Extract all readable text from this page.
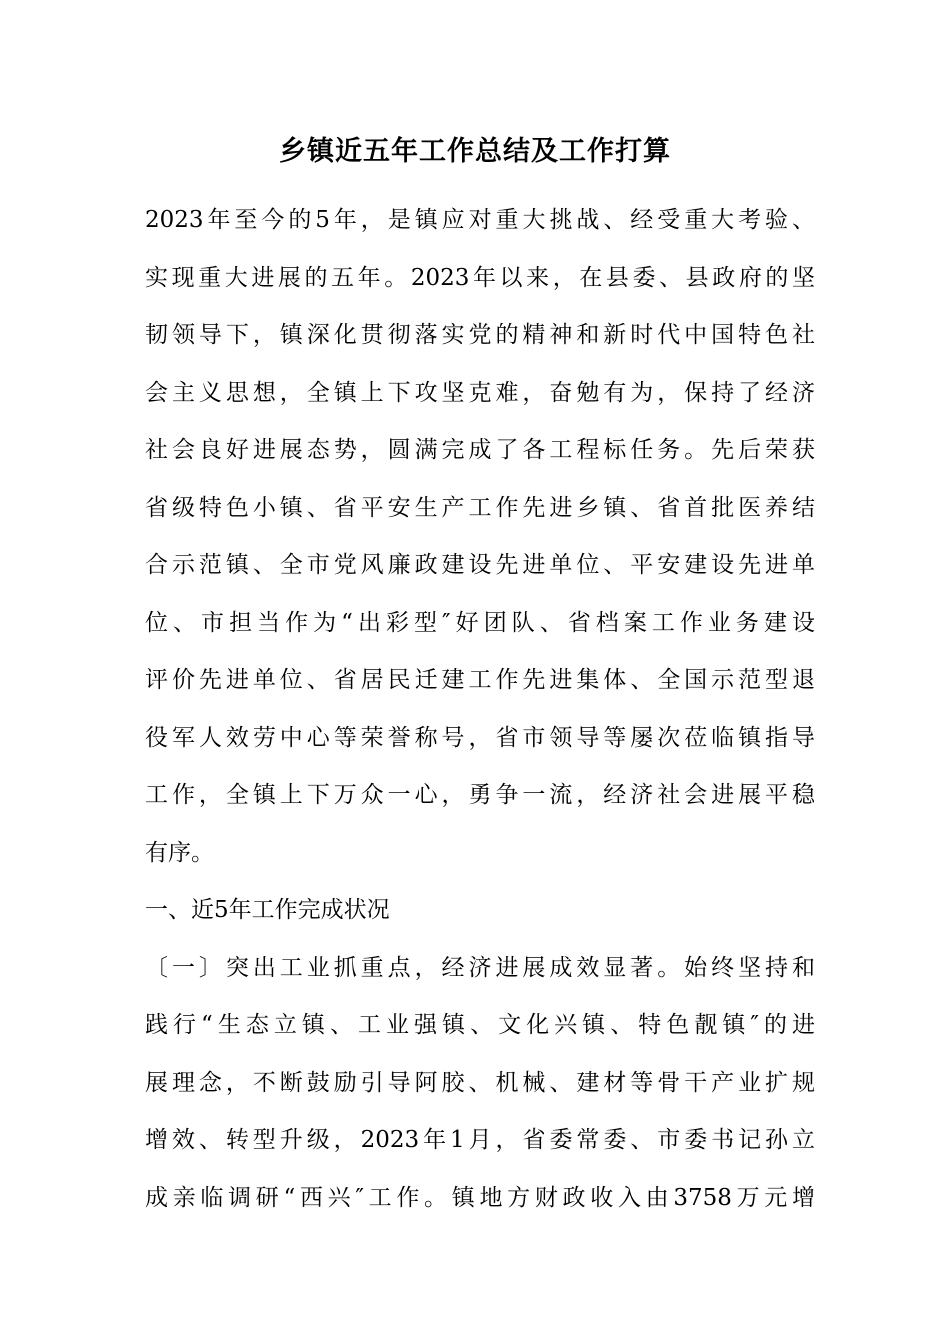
乡镇近五年工作总结及工作打算
2023年至今的5年，是镇应对重大挑战、经受重大考验、
实现重大进展的五年。2023年以来，在县委、县政府的坚
韧领导下，镇深化贯彻落实党的精神和新时代中国特色社
会主义思想，全镇上下攻坚克难，奋勉有为，保持了经济
社会良好进展态势，圆满完成了各工程标任务。先后荣获
省级特色小镇、省平安生产工作先进乡镇、省首批医养结
合示范镇、全市党风廉政建设先进单位、平安建设先进单
位、市担当作为“出彩型″好团队、省档案工作业务建设
评价先进单位、省居民迁建工作先进集体、全国示范型退
役军人效劳中心等荣誉称号，省市领导等屡次莅临镇指导
工作，全镇上下万众一心，勇争一流，经济社会进展平稳
有序。
一、近5年工作完成状况
〔一〕突出工业抓重点，经济进展成效显著。始终坚持和
践行“生态立镇、工业强镇、文化兴镇、特色靓镇″的进
展理念，不断鼓励引导阿胶、机械、建材等骨干产业扩规
增效、转型升级，2023年1月，省委常委、市委书记孙立
成亲临调研“西兴″工作。镇地方财政收入由3758万元增
